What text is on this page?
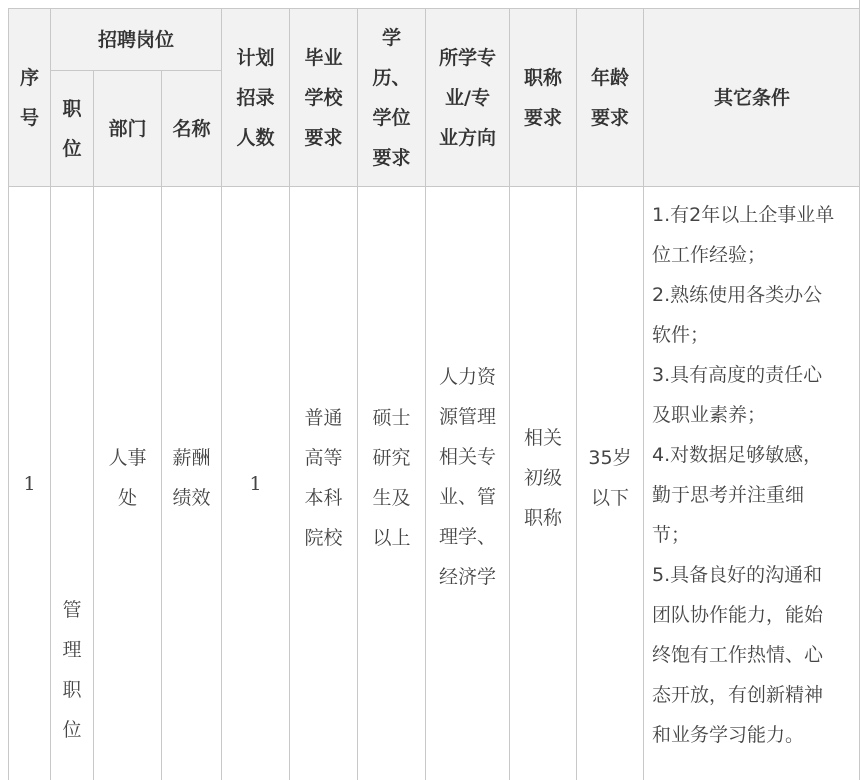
序
号
招聘岗位
职
位
部门	名称
计划
招录
人数
毕业
学校
要求
学
历、
学位
要求
所学专
业/专
业方向
职称
要求
年龄
要求
其它条件
1
管
理
职
位
人事
处
薪酬
绩效
1
普通
高等
本科
院校
硕士
研究
生及
以上
人力资
源管理
相关专
业、管
理学、
经济学
相关
初级
职称
35岁
以下
1.有2年以上企事业单
位工作经验；
2.熟练使用各类办公
软件；
3.具有高度的责任心
及职业素养；
4.对数据足够敏感，
勤于思考并注重细
节；
5.具备良好的沟通和
团队协作能力，能始
终饱有工作热情、心
态开放，有创新精神
和业务学习能力。
